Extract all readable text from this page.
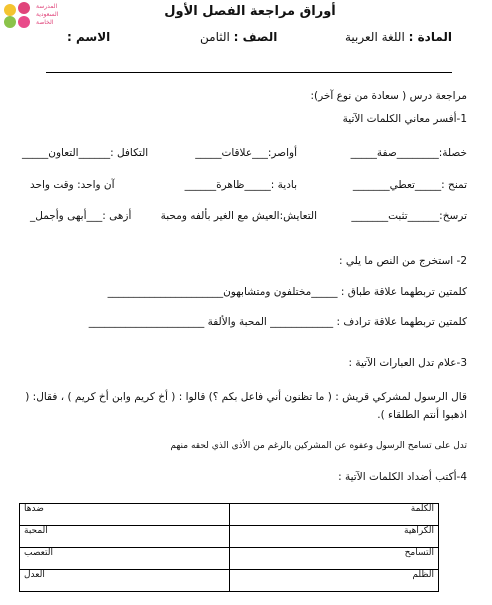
المدرسة
السعودية
الخاصة
أوراق مراجعة الفصل الأول
المادة : اللغة العربية
الصف : الثامن
الاسم :
مراجعة درس ( سعادة من نوع آخر):
1-أفسر معاني الكلمات الآتية
خصلة:________صفة_____
أواصر:___علاقات_____
التكافل :______التعاون_____
تمنح :_____تعطي_______
بادية :_____ظاهرة______
آن واحد: وقت واحد
ترسخ:______تثبت_______
التعايش:العيش مع الغير بألفه ومحبة
أزهى :___أبهى وأجمل_
2- استخرج من النص ما يلي :
كلمتين تربطهما علاقة طباق : _____مختلفون ومتشابهون______________________
كلمتين تربطهما علاقة ترادف : ____________ المحبة والألفة ______________________
3-علام تدل العبارات الآتية :
قال الرسول لمشركي قريش : ( ما تظنون أني فاعل بكم ؟) قالوا : ( أخ كريم وابن أخ كريم ) ، فقال: (
اذهبوا أنتم الطلقاء ).
تدل على تسامح الرسول وعفوه عن المشركين بالرغم من الأذى الذي لحقه منهم
4-أكتب أضداد الكلمات الآتية :
الكلمة	ضدها
الكراهية	المحبة
التسامح	التعصب
الظلم	العدل
